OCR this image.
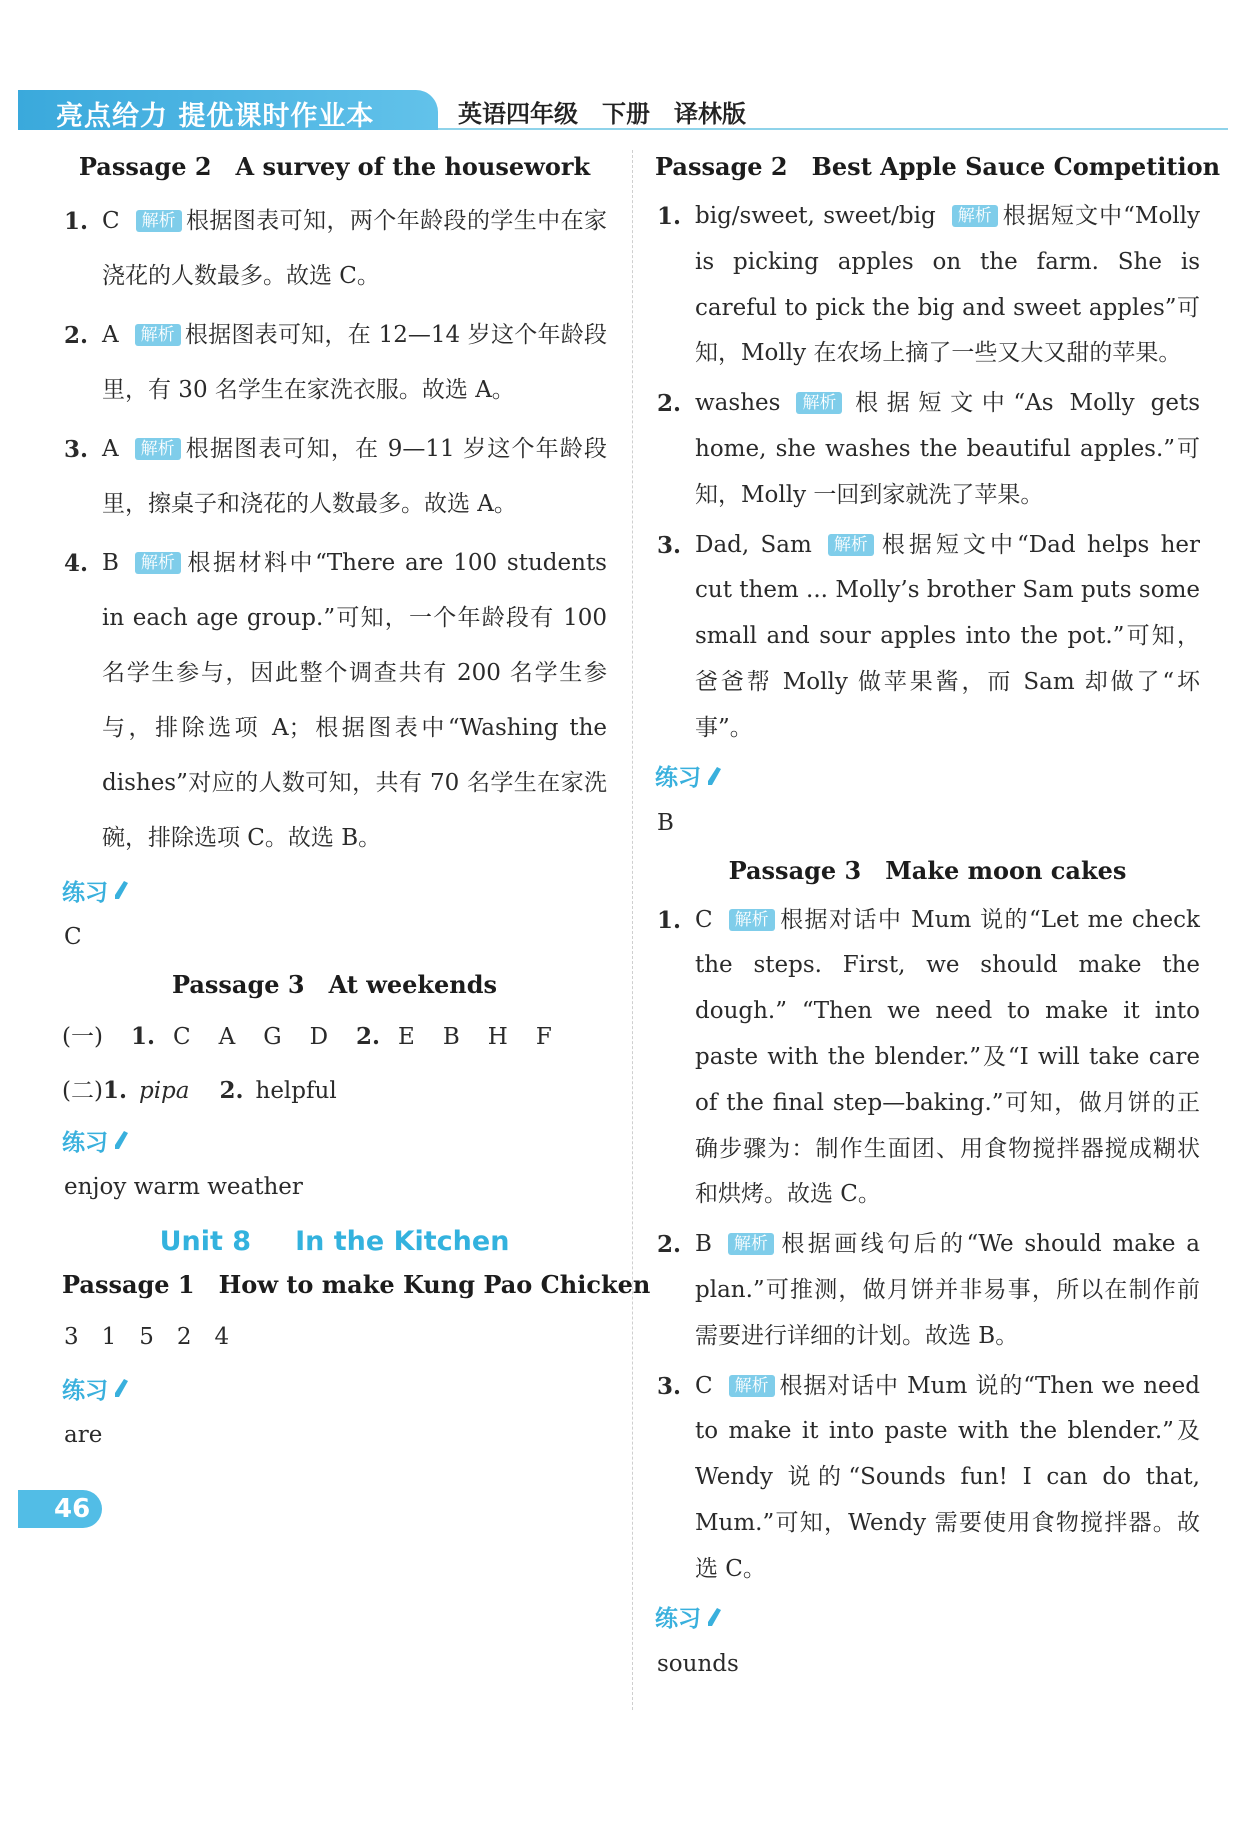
亮点给力 提优课时作业本	英语四年级　下册　译林版
Passage 2　A survey of the housework
1. C 解析 根据图表可知，两个年龄段的学生中在家浇花的人数最多。故选 C。
2. A 解析 根据图表可知，在 12—14 岁这个年龄段里，有 30 名学生在家洗衣服。故选 A。
3. A 解析 根据图表可知，在 9—11 岁这个年龄段里，擦桌子和浇花的人数最多。故选 A。
4. B 解析 根据材料中“There are 100 students in each age group.”可知，一个年龄段有 100 名学生参与，因此整个调查共有 200 名学生参与，排除选项 A；根据图表中“Washing the dishes”对应的人数可知，共有 70 名学生在家洗碗，排除选项 C。故选 B。
练习
C
Passage 3　At weekends
(一) 1. C A G D 2. E B H F
(二)1. pipa 2. helpful
练习
enjoy warm weather
Unit 8 In the Kitchen
Passage 1　How to make Kung Pao Chicken
3　1　5　2　4
练习
are
Passage 2　Best Apple Sauce Competition
1. big/sweet, sweet/big 解析 根据短文中“Molly is picking apples on the farm. She is careful to pick the big and sweet apples”可知，Molly 在农场上摘了一些又大又甜的苹果。
2. washes 解析 根据短文中“As Molly gets home, she washes the beautiful apples.”可知，Molly 一回到家就洗了苹果。
3. Dad, Sam 解析 根据短文中“Dad helps her cut them ... Molly’s brother Sam puts some small and sour apples into the pot.”可知，爸爸帮 Molly 做苹果酱，而 Sam 却做了“坏事”。
练习
B
Passage 3　Make moon cakes
1. C 解析 根据对话中 Mum 说的“Let me check the steps. First, we should make the dough.” “Then we need to make it into paste with the blender.”及“I will take care of the final step—baking.”可知，做月饼的正确步骤为：制作生面团、用食物搅拌器搅成糊状和烘烤。故选 C。
2. B 解析 根据画线句后的“We should make a plan.”可推测，做月饼并非易事，所以在制作前需要进行详细的计划。故选 B。
3. C 解析 根据对话中 Mum 说的“Then we need to make it into paste with the blender.”及 Wendy 说的“Sounds fun! I can do that, Mum.”可知，Wendy 需要使用食物搅拌器。故选 C。
练习
sounds
46
